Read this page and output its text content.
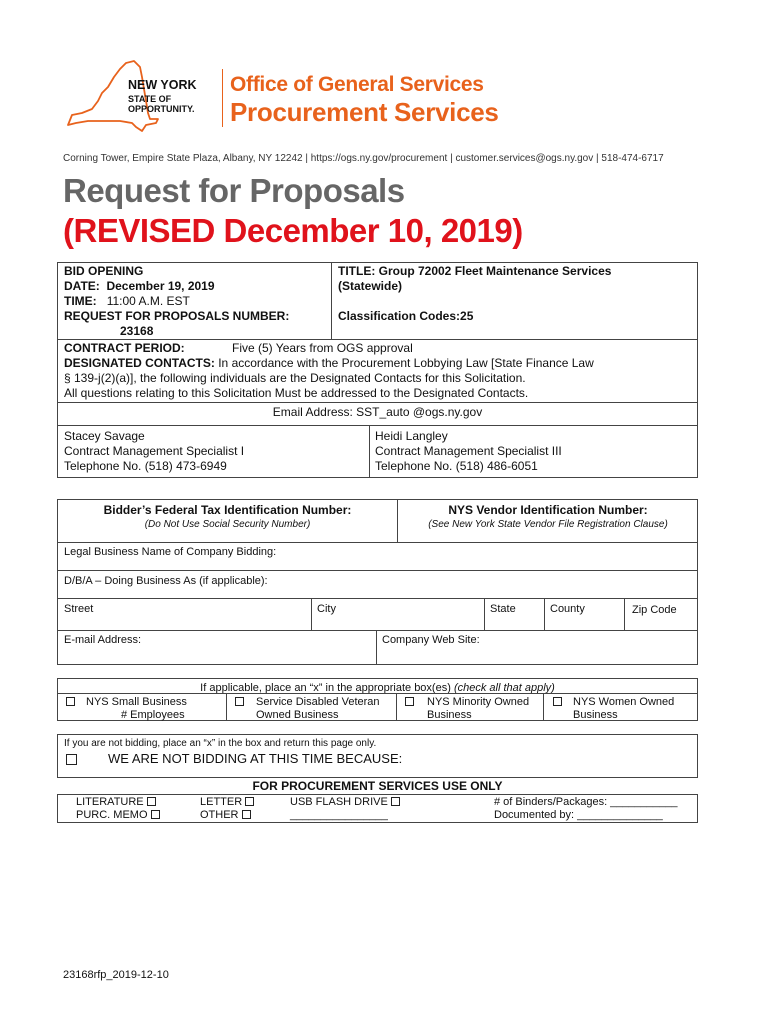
NEW YORK
STATE OF
OPPORTUNITY.
Office of General Services
Procurement Services
Corning Tower, Empire State Plaza, Albany, NY 12242 | https://ogs.ny.gov/procurement | customer.services@ogs.ny.gov | 518-474-6717
Request for Proposals
(REVISED December 10, 2019)
BID OPENING
DATE: December 19, 2019
TIME: 11:00 A.M. EST
REQUEST FOR PROPOSALS NUMBER:
23168
TITLE: Group 72002 Fleet Maintenance Services
(Statewide)
Classification Codes:25
CONTRACT PERIOD:	Five (5) Years from OGS approval
DESIGNATED CONTACTS: In accordance with the Procurement Lobbying Law [State Finance Law
§ 139-j(2)(a)], the following individuals are the Designated Contacts for this Solicitation.
All questions relating to this Solicitation Must be addressed to the Designated Contacts.
Email Address: SST_auto @ogs.ny.gov
Stacey Savage
Contract Management Specialist I
Telephone No. (518) 473-6949
Heidi Langley
Contract Management Specialist III
Telephone No. (518) 486-6051
Bidder’s Federal Tax Identification Number:
(Do Not Use Social Security Number)
NYS Vendor Identification Number:
(See New York State Vendor File Registration Clause)
Legal Business Name of Company Bidding:
D/B/A – Doing Business As (if applicable):
Street	City	State	County	Zip Code
E-mail Address:	Company Web Site:
If applicable, place an “x” in the appropriate box(es) (check all that apply)
NYS Small Business
# Employees
Service Disabled Veteran
Owned Business
NYS Minority Owned
Business
NYS Women Owned
Business
If you are not bidding, place an “x” in the box and return this page only.
WE ARE NOT BIDDING AT THIS TIME BECAUSE:
FOR PROCUREMENT SERVICES USE ONLY
LITERATURE
PURC. MEMO
LETTER
OTHER
USB FLASH DRIVE
________________
# of Binders/Packages: ___________
Documented by: ______________
23168rfp_2019-12-10
